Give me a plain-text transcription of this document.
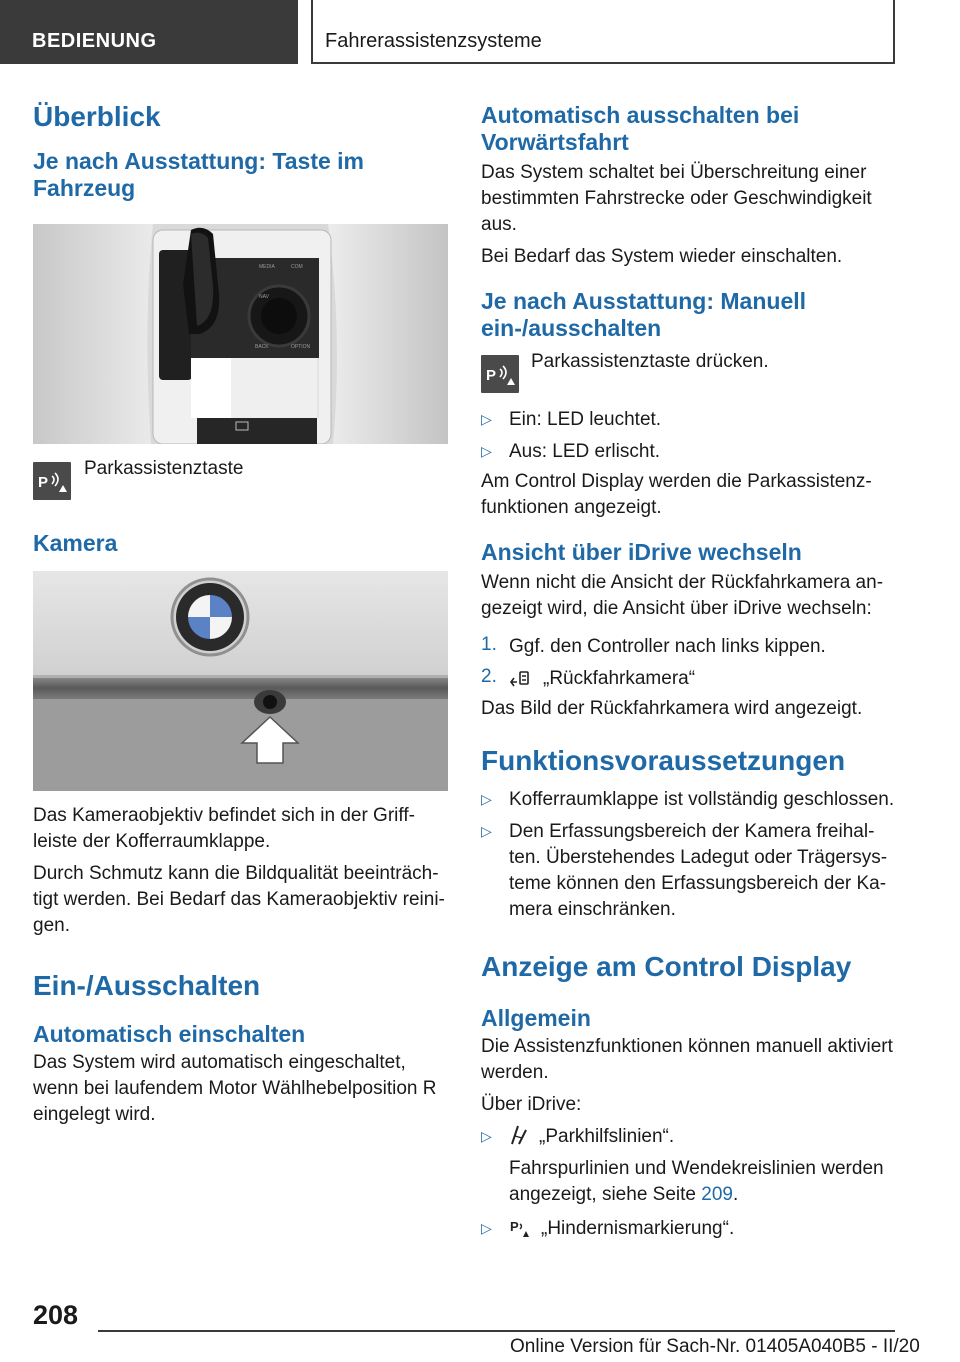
BEDIENUNG	Fahrerassistenzsysteme
Überblick
Je nach Ausstattung: Taste im Fahrzeug
MEDIA	COM
NAV
BACK	OPTION
P

Parkassistenztaste

Kamera

Das Kameraobjektiv befindet sich in der Griffleiste der Kofferraumklappe.

Durch Schmutz kann die Bildqualität beeinträchtigt werden. Bei Bedarf das Kameraobjektiv reinigen.

Ein-/Ausschalten
Automatisch einschalten

Das System wird automatisch eingeschaltet, wenn bei laufendem Motor Wählhebelposition R eingelegt wird.

Automatisch ausschalten bei Vorwärtsfahrt

Das System schaltet bei Überschreitung einer bestimmten Fahrstrecke oder Geschwindigkeit aus.

Bei Bedarf das System wieder einschalten.

Je nach Ausstattung: Manuell ein-/ausschalten
P

Parkassistenztaste drücken.

▷ Ein: LED leuchtet.

▷ Aus: LED erlischt.

Am Control Display werden die Parkassistenzfunktionen angezeigt.

Ansicht über iDrive wechseln

Wenn nicht die Ansicht der Rückfahrkamera angezeigt wird, die Ansicht über iDrive wechseln:

1. Ggf. den Controller nach links kippen.

2.	„Rückfahrkamera“

Das Bild der Rückfahrkamera wird angezeigt.

Funktionsvoraussetzungen
▷ Kofferraumklappe ist vollständig geschlossen.

▷ Den Erfassungsbereich der Kamera freihalten. Überstehendes Ladegut oder Trägersysteme können den Erfassungsbereich der Kamera einschränken.

Anzeige am Control Display
Allgemein

Die Assistenzfunktionen können manuell aktiviert werden.

Über iDrive:

▷	„Parkhilfslinien“.

Fahrspurlinien und Wendekreislinien werden angezeigt, siehe Seite 209.

▷	P „Hindernismarkierung“.

208
Online Version für Sach-Nr. 01405A040B5 - II/20
